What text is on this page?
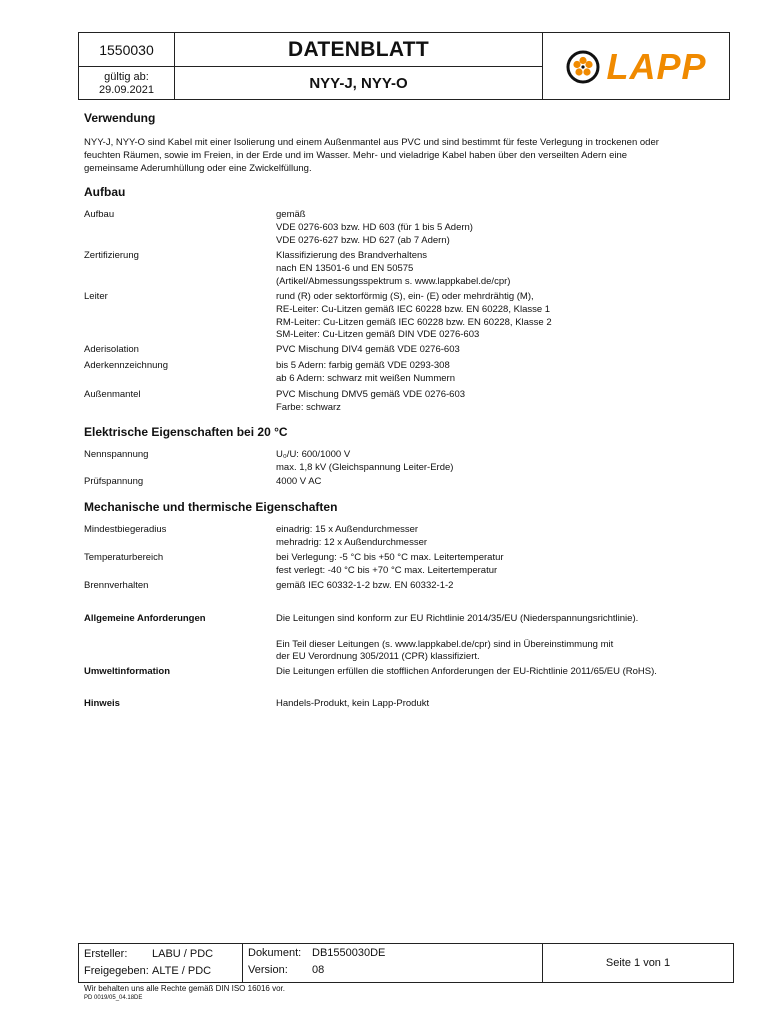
1550030
gültig ab:
29.09.2021
DATENBLATT
NYY-J, NYY-O	LAPP
Verwendung
NYY-J, NYY-O sind Kabel mit einer Isolierung und einem Außenmantel aus PVC und sind bestimmt für feste Verlegung in trockenen oder
feuchten Räumen, sowie im Freien, in der Erde und im Wasser. Mehr- und vieladrige Kabel haben über den verseilten Adern eine
gemeinsame Aderumhüllung oder eine Zwickelfüllung.
Aufbau
Aufbau	gemäß
VDE 0276-603 bzw. HD 603 (für 1 bis 5 Adern)
VDE 0276-627 bzw. HD 627 (ab 7 Adern)
Zertifizierung	Klassifizierung des Brandverhaltens
nach EN 13501-6 und EN 50575
(Artikel/Abmessungsspektrum s. www.lappkabel.de/cpr)
Leiter	rund (R) oder sektorförmig (S), ein- (E) oder mehrdrähtig (M),
RE-Leiter: Cu-Litzen gemäß IEC 60228 bzw. EN 60228, Klasse 1
RM-Leiter: Cu-Litzen gemäß IEC 60228 bzw. EN 60228, Klasse 2
SM-Leiter: Cu-Litzen gemäß DIN VDE 0276-603
Aderisolation	PVC Mischung DIV4 gemäß VDE 0276-603
Aderkennzeichnung	bis 5 Adern: farbig gemäß VDE 0293-308
ab 6 Adern: schwarz mit weißen Nummern
Außenmantel	PVC Mischung DMV5 gemäß VDE 0276-603
Farbe: schwarz
Elektrische Eigenschaften bei 20 °C
Nennspannung	U₀/U: 600/1000 V
max. 1,8 kV (Gleichspannung Leiter-Erde)
Prüfspannung	4000 V AC
Mechanische und thermische Eigenschaften
Mindestbiegeradius	einadrig: 15 x Außendurchmesser
mehradrig: 12 x Außendurchmesser
Temperaturbereich	bei Verlegung: -5 °C bis +50 °C max. Leitertemperatur
fest verlegt: -40 °C bis +70 °C max. Leitertemperatur
Brennverhalten	gemäß IEC 60332-1-2 bzw. EN 60332-1-2
Allgemeine Anforderungen	Die Leitungen sind konform zur EU Richtlinie 2014/35/EU (Niederspannungsrichtlinie).
Ein Teil dieser Leitungen (s. www.lappkabel.de/cpr) sind in Übereinstimmung mit
der EU Verordnung 305/2011 (CPR) klassifiziert.
Umweltinformation	Die Leitungen erfüllen die stofflichen Anforderungen der EU-Richtlinie 2011/65/EU (RoHS).
Hinweis	Handels-Produkt, kein Lapp-Produkt
Ersteller: LABU / PDC
Freigegeben: ALTE / PDC
Dokument: DB1550030DE
Version: 08
Seite 1 von 1
Wir behalten uns alle Rechte gemäß DIN ISO 16016 vor.
PD 0019/05_04.18DE
